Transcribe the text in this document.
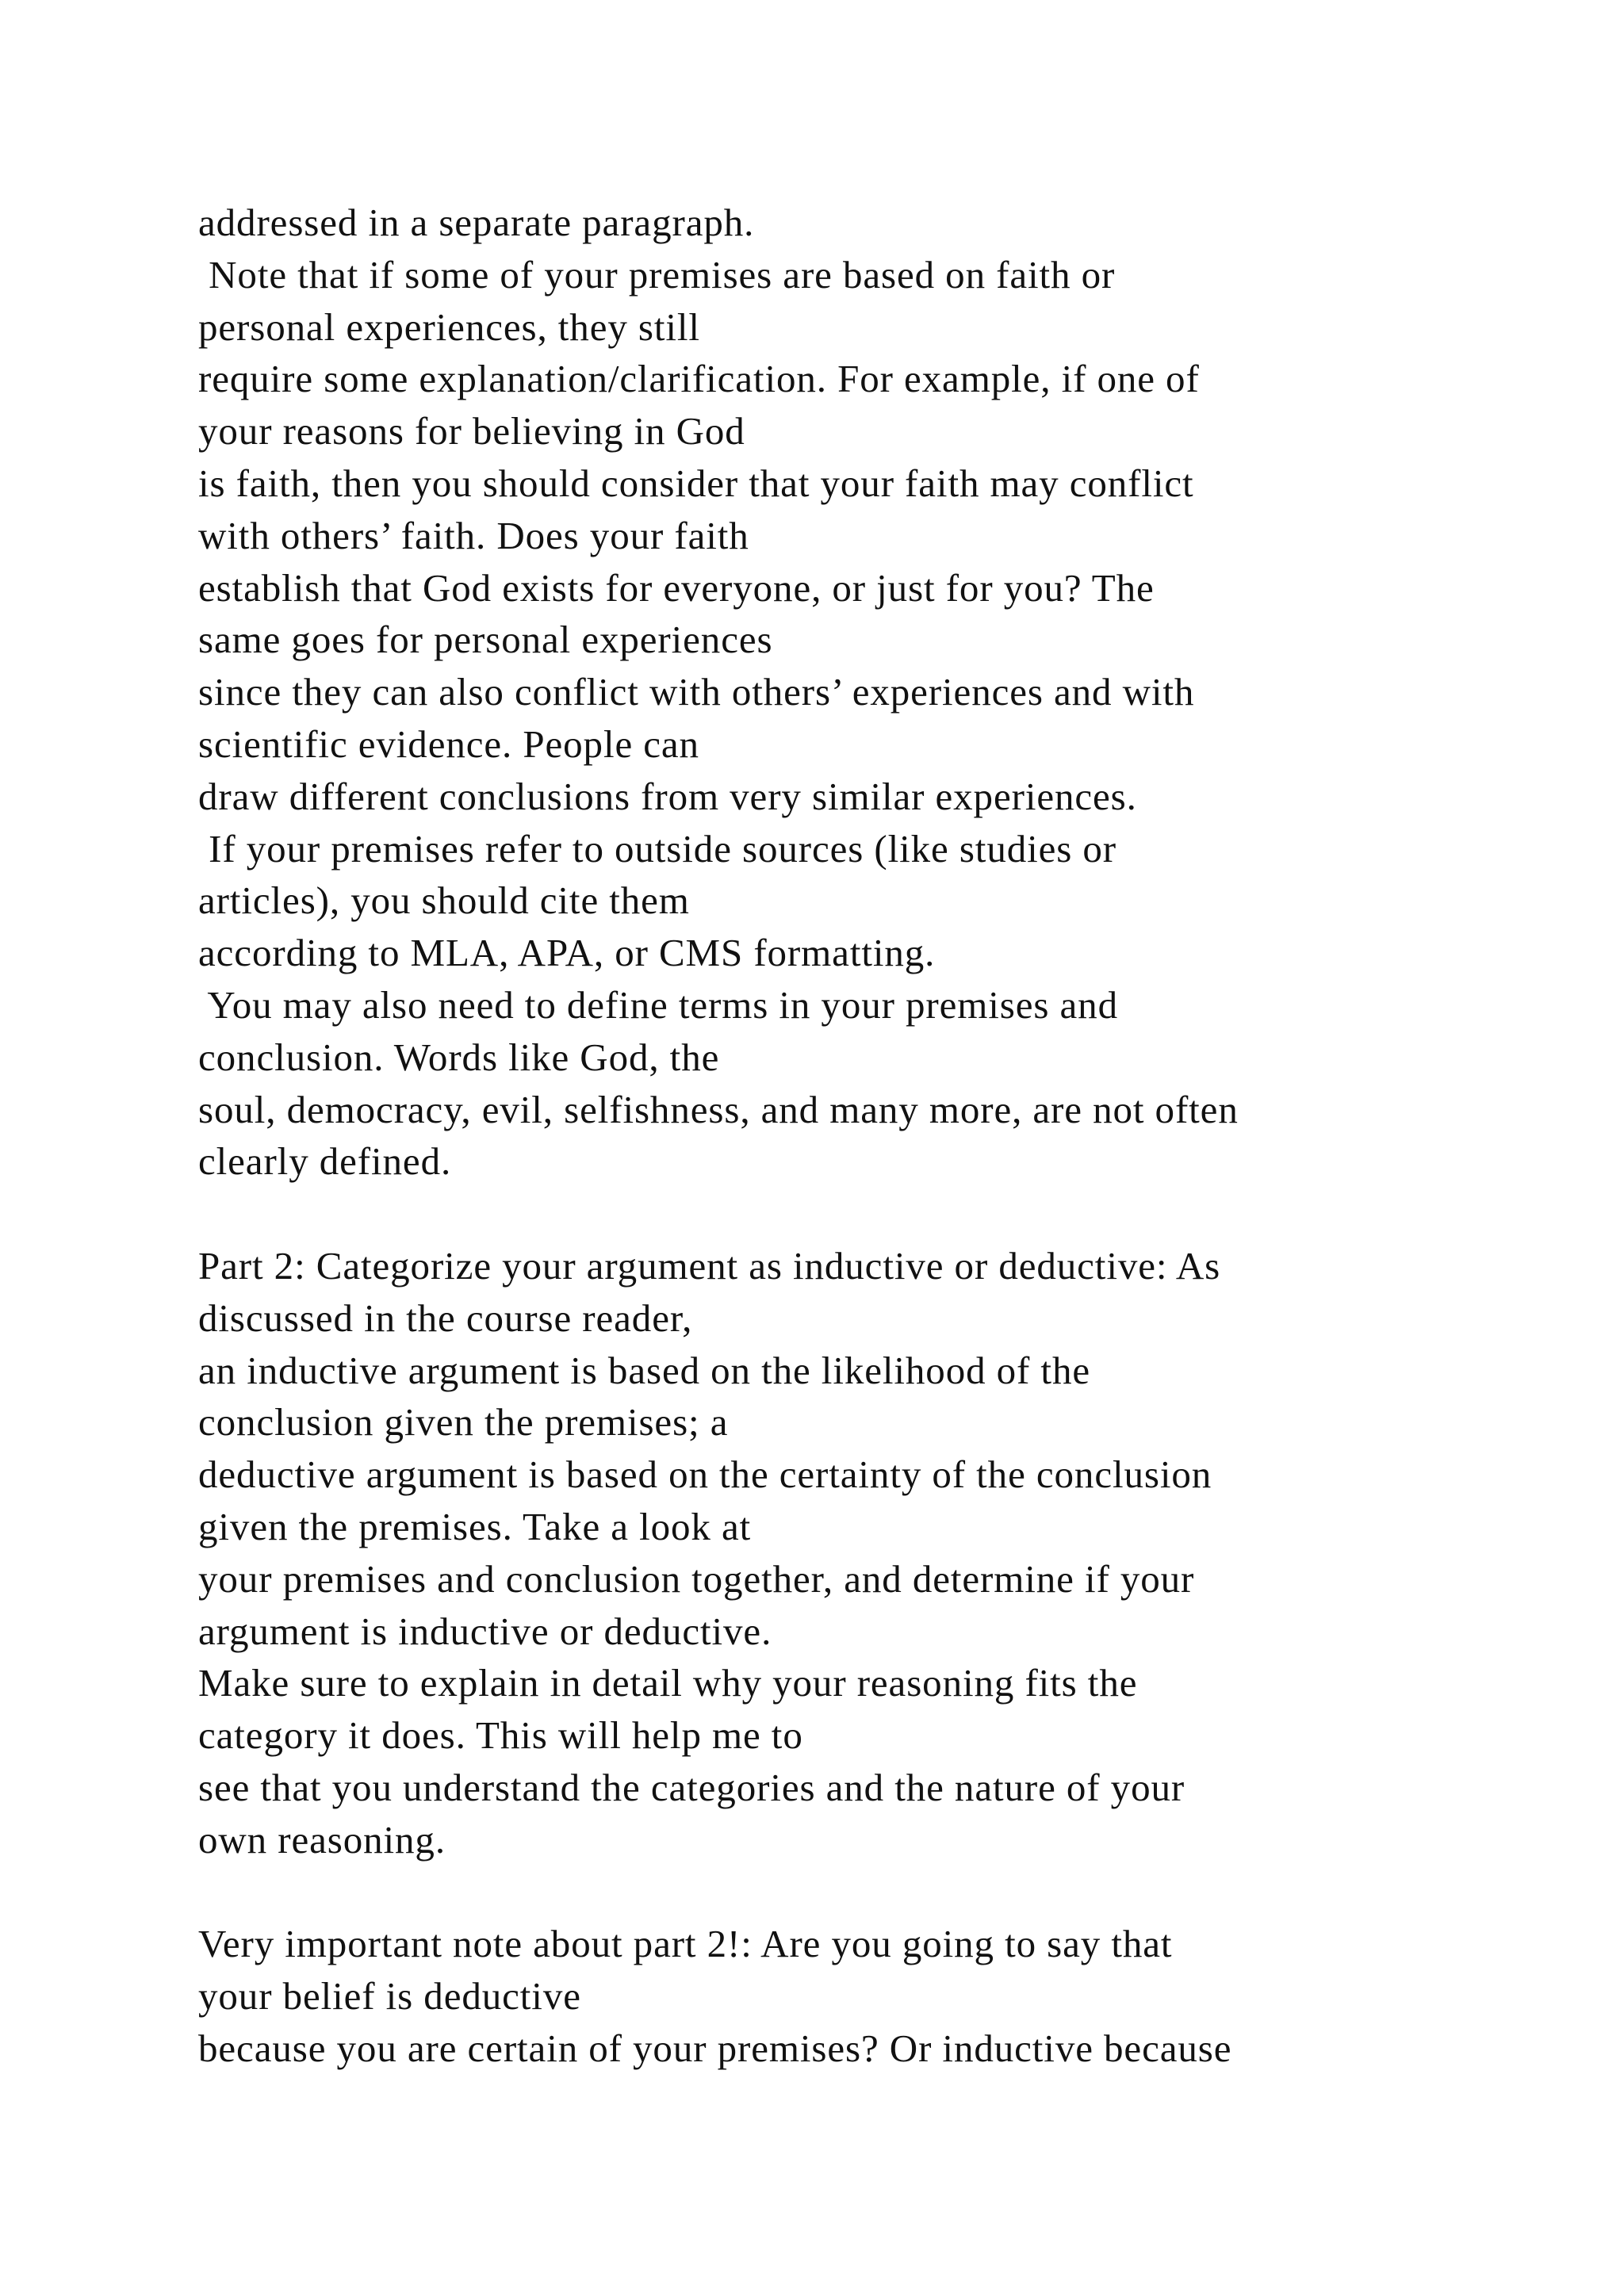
addressed in a separate paragraph.
Note that if some of your premises are based on faith or
personal experiences, they still
require some explanation/clarification. For example, if one of
your reasons for believing in God
is faith, then you should consider that your faith may conflict
with others’ faith. Does your faith
establish that God exists for everyone, or just for you? The
same goes for personal experiences
since they can also conflict with others’ experiences and with
scientific evidence. People can
draw different conclusions from very similar experiences.
If your premises refer to outside sources (like studies or
articles), you should cite them
according to MLA, APA, or CMS formatting.
You may also need to define terms in your premises and
conclusion. Words like God, the
soul, democracy, evil, selfishness, and many more, are not often
clearly defined.
Part 2: Categorize your argument as inductive or deductive: As
discussed in the course reader,
an inductive argument is based on the likelihood of the
conclusion given the premises; a
deductive argument is based on the certainty of the conclusion
given the premises. Take a look at
your premises and conclusion together, and determine if your
argument is inductive or deductive.
Make sure to explain in detail why your reasoning fits the
category it does. This will help me to
see that you understand the categories and the nature of your
own reasoning.
Very important note about part 2!: Are you going to say that
your belief is deductive
because you are certain of your premises? Or inductive because
